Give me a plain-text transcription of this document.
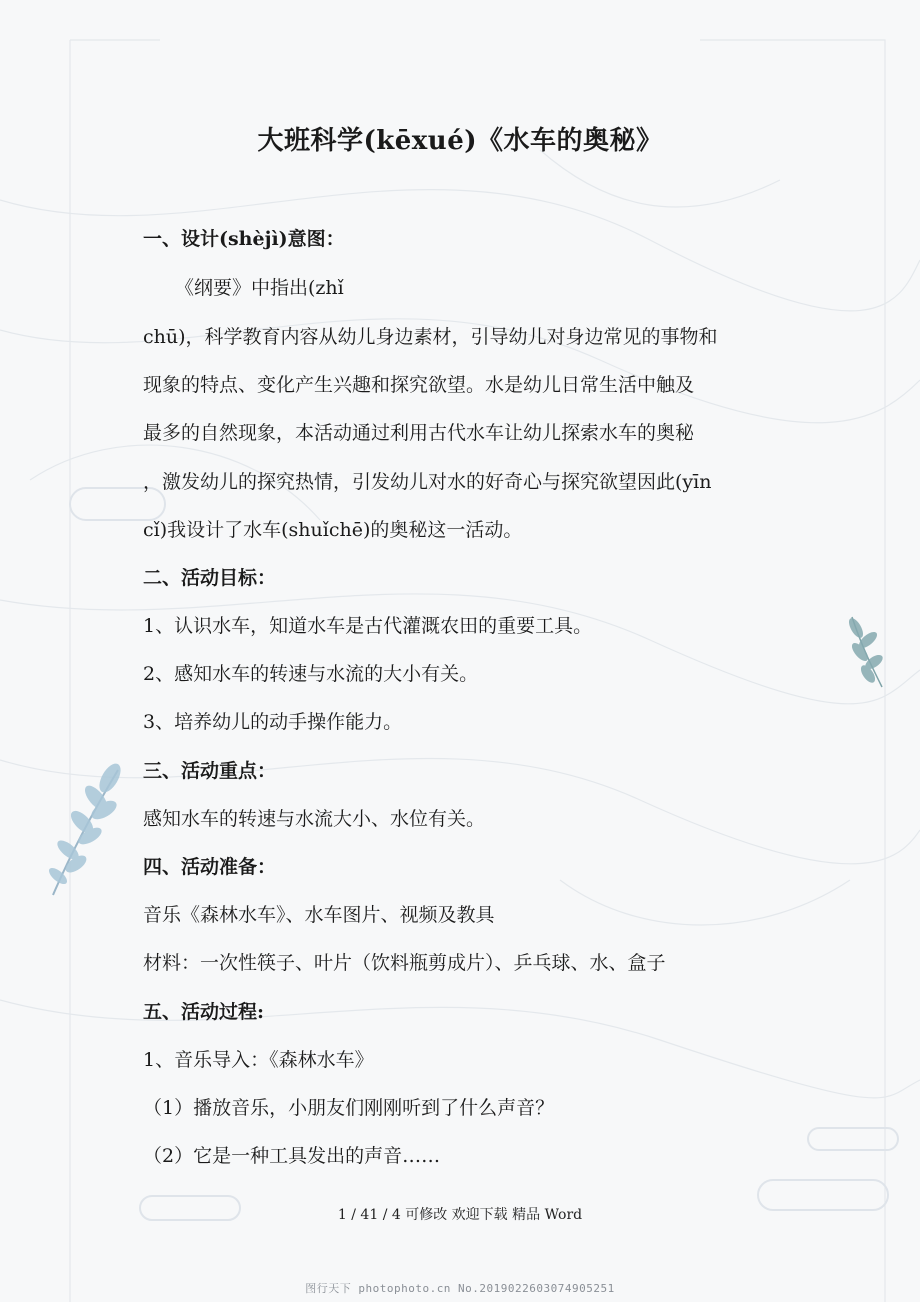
大班科学(kēxué)《水车的奥秘》
一、设计(shèjì)意图：
《纲要》中指出(zhǐ
chū)，科学教育内容从幼儿身边素材，引导幼儿对身边常见的事物和
现象的特点、变化产生兴趣和探究欲望。水是幼儿日常生活中触及
最多的自然现象，本活动通过利用古代水车让幼儿探索水车的奥秘
，激发幼儿的探究热情，引发幼儿对水的好奇心与探究欲望因此(yīn
cǐ)我设计了水车(shuǐchē)的奥秘这一活动。
二、活动目标：
1、认识水车，知道水车是古代灌溉农田的重要工具。
2、感知水车的转速与水流的大小有关。
3、培养幼儿的动手操作能力。
三、活动重点：
感知水车的转速与水流大小、水位有关。
四、活动准备：
音乐《森林水车》、水车图片、视频及教具
材料：一次性筷子、叶片（饮料瓶剪成片）、乒乓球、水、盒子
五、活动过程:
1、音乐导入：《森林水车》
（1）播放音乐，小朋友们刚刚听到了什么声音？
（2）它是一种工具发出的声音……
1 / 41 / 4 可修改 欢迎下载 精品 Word
图行天下 photophoto.cn No.20190226030749​05251
